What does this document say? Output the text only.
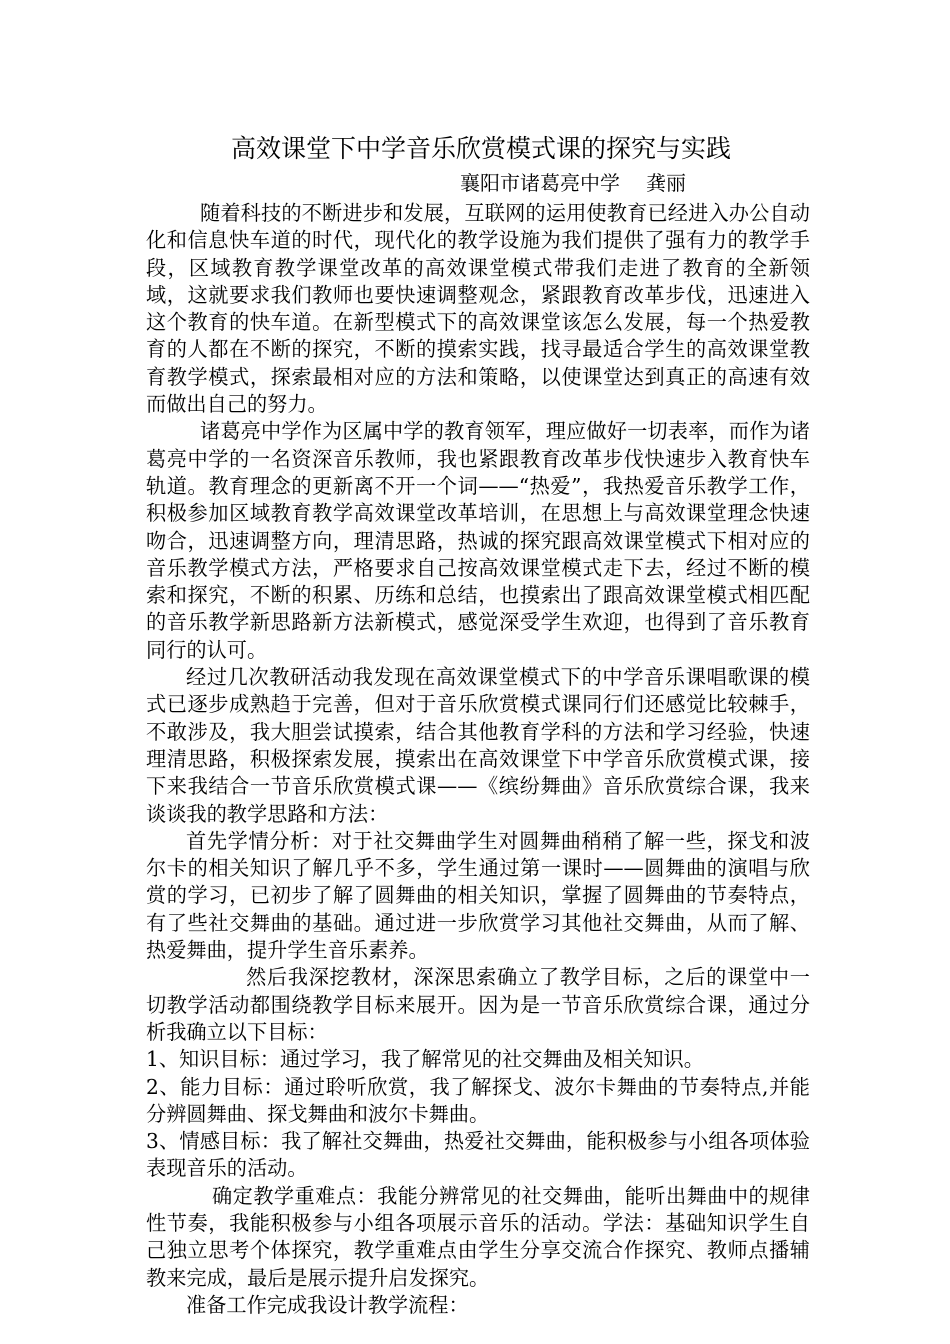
高效课堂下中学音乐欣赏模式课的探究与实践
襄阳市诸葛亮中学 龚丽

随着科技的不断进步和发展，互联网的运用使教育已经进入办公自动化和信息快车道的时代，现代化的教学设施为我们提供了强有力的教学手段，区域教育教学课堂改革的高效课堂模式带我们走进了教育的全新领域，这就要求我们教师也要快速调整观念，紧跟教育改革步伐，迅速进入这个教育的快车道。在新型模式下的高效课堂该怎么发展，每一个热爱教育的人都在不断的探究，不断的摸索实践，找寻最适合学生的高效课堂教育教学模式，探索最相对应的方法和策略，以使课堂达到真正的高速有效而做出自己的努力。

诸葛亮中学作为区属中学的教育领军，理应做好一切表率，而作为诸葛亮中学的一名资深音乐教师，我也紧跟教育改革步伐快速步入教育快车轨道。教育理念的更新离不开一个词——“热爱”，我热爱音乐教学工作，积极参加区域教育教学高效课堂改革培训，在思想上与高效课堂理念快速吻合，迅速调整方向，理清思路，热诚的探究跟高效课堂模式下相对应的音乐教学模式方法，严格要求自己按高效课堂模式走下去，经过不断的模索和探究，不断的积累、历练和总结，也摸索出了跟高效课堂模式相匹配的音乐教学新思路新方法新模式，感觉深受学生欢迎，也得到了音乐教育同行的认可。

经过几次教研活动我发现在高效课堂模式下的中学音乐课唱歌课的模式已逐步成熟趋于完善，但对于音乐欣赏模式课同行们还感觉比较棘手，不敢涉及，我大胆尝试摸索，结合其他教育学科的方法和学习经验，快速理清思路，积极探索发展，摸索出在高效课堂下中学音乐欣赏模式课，接下来我结合一节音乐欣赏模式课——《缤纷舞曲》音乐欣赏综合课，我来谈谈我的教学思路和方法：

首先学情分析：对于社交舞曲学生对圆舞曲稍稍了解一些，探戈和波尔卡的相关知识了解几乎不多，学生通过第一课时——圆舞曲的演唱与欣赏的学习，已初步了解了圆舞曲的相关知识，掌握了圆舞曲的节奏特点，有了些社交舞曲的基础。通过进一步欣赏学习其他社交舞曲，从而了解、热爱舞曲，提升学生音乐素养。

然后我深挖教材，深深思索确立了教学目标，之后的课堂中一切教学活动都围绕教学目标来展开。因为是一节音乐欣赏综合课，通过分析我确立以下目标：

1、知识目标：通过学习，我了解常见的社交舞曲及相关知识。

2、能力目标：通过聆听欣赏，我了解探戈、波尔卡舞曲的节奏特点,并能分辨圆舞曲、探戈舞曲和波尔卡舞曲。

3、情感目标：我了解社交舞曲，热爱社交舞曲，能积极参与小组各项体验表现音乐的活动。

确定教学重难点：我能分辨常见的社交舞曲，能听出舞曲中的规律性节奏，我能积极参与小组各项展示音乐的活动。学法：基础知识学生自己独立思考个体探究，教学重难点由学生分享交流合作探究、教师点播辅教来完成，最后是展示提升启发探究。

准备工作完成我设计教学流程：
